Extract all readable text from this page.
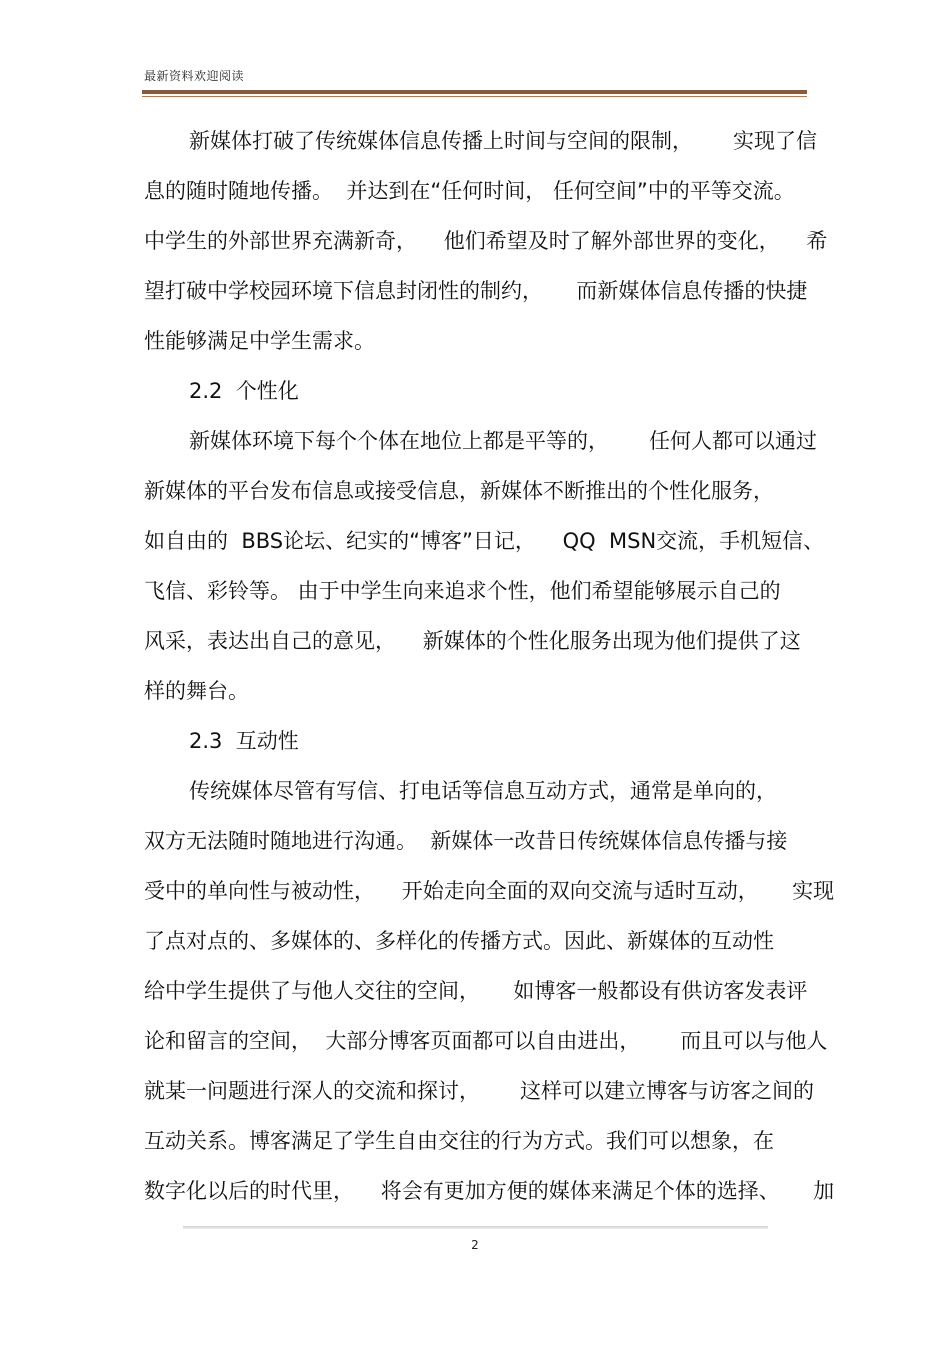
最新资料欢迎阅读
新媒体打破了传统媒体信息传播上时间与空间的限制，      实现了信
息的随时随地传播。  并达到在“任何时间， 任何空间”中的平等交流。
中学生的外部世界充满新奇，    他们希望及时了解外部世界的变化，    希
望打破中学校园环境下信息封闭性的制约，     而新媒体信息传播的快捷
性能够满足中学生需求。
2.2  个性化
新媒体环境下每个个体在地位上都是平等的，      任何人都可以通过
新媒体的平台发布信息或接受信息，新媒体不断推出的个性化服务，
如自由的  BBS论坛、纪实的“博客”日记，    QQ  MSN交流，手机短信、
飞信、彩铃等。 由于中学生向来追求个性，他们希望能够展示自己的
风采，表达出自己的意见，    新媒体的个性化服务出现为他们提供了这
样的舞台。
2.3  互动性
传统媒体尽管有写信、打电话等信息互动方式，通常是单向的，
双方无法随时随地进行沟通。  新媒体一改昔日传统媒体信息传播与接
受中的单向性与被动性，    开始走向全面的双向交流与适时互动，     实现
了点对点的、多媒体的、多样化的传播方式。因此、新媒体的互动性
给中学生提供了与他人交往的空间，     如博客一般都设有供访客发表评
论和留言的空间，  大部分博客页面都可以自由进出，      而且可以与他人
就某一问题进行深人的交流和探讨，      这样可以建立博客与访客之间的
互动关系。博客满足了学生自由交往的行为方式。我们可以想象，在
数字化以后的时代里，    将会有更加方便的媒体来满足个体的选择、     加
2
